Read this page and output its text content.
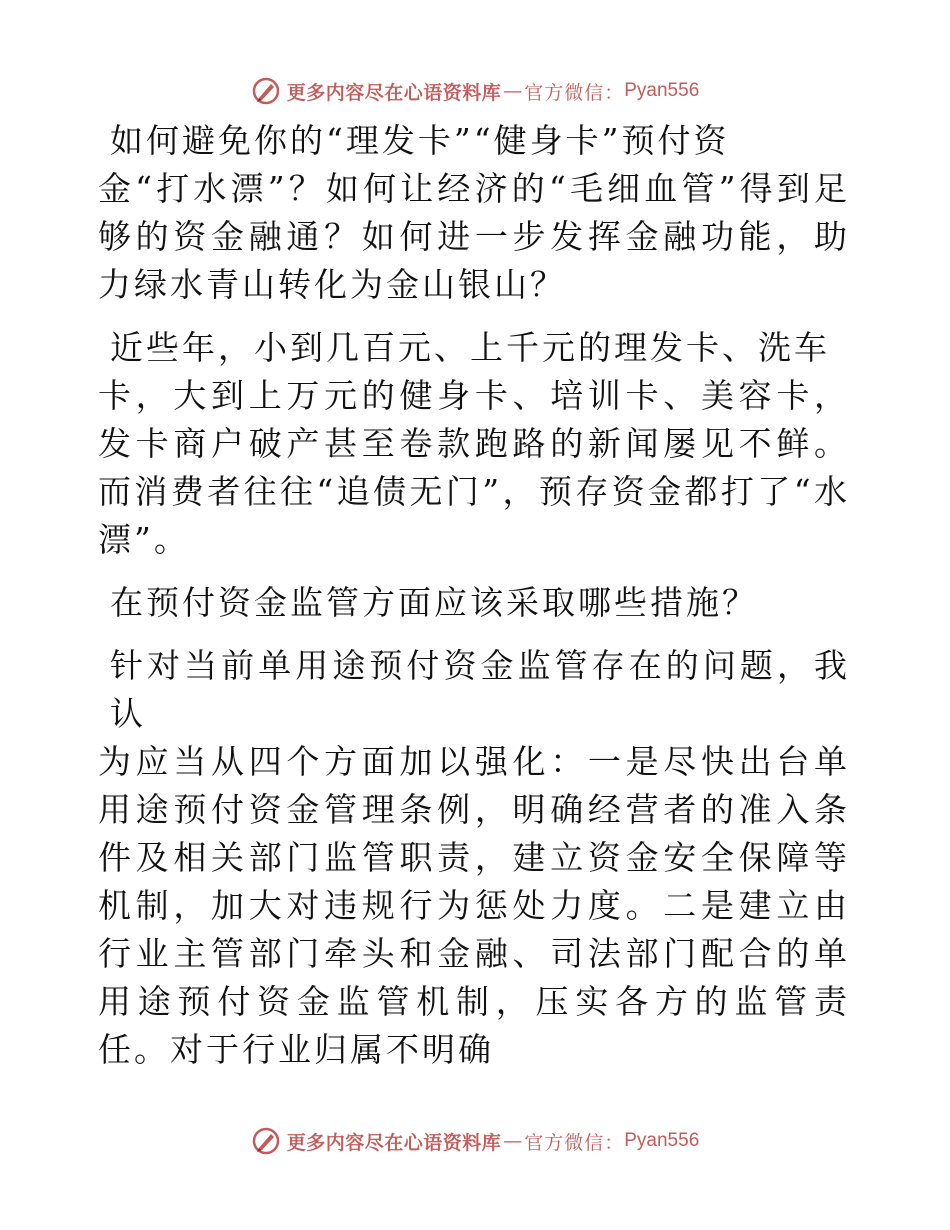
更多内容尽在心语资料库 — 官方微信： Pyan556

如何避免你的“理发卡”“健身卡”预付资
金“打水漂”？如何让经济的“毛细血管”得到足够的资金融通？如何进一步发挥金融功能，助力绿水青山转化为金山银山？

近些年，小到几百元、上千元的理发卡、洗车
卡，大到上万元的健身卡、培训卡、美容卡，发卡商户破产甚至卷款跑路的新闻屡见不鲜。而消费者往往“追债无门”，预存资金都打了“水漂”。

在预付资金监管方面应该采取哪些措施？

针对当前单用途预付资金监管存在的问题，我认
为应当从四个方面加以强化：一是尽快出台单用途预付资金管理条例，明确经营者的准入条件及相关部门监管职责，建立资金安全保障等机制，加大对违规行为惩处力度。二是建立由行业主管部门牵头和金融、司法部门配合的单用途预付资金监管机制，压实各方的监管责任。对于行业归属不明确

更多内容尽在心语资料库 — 官方微信： Pyan556
